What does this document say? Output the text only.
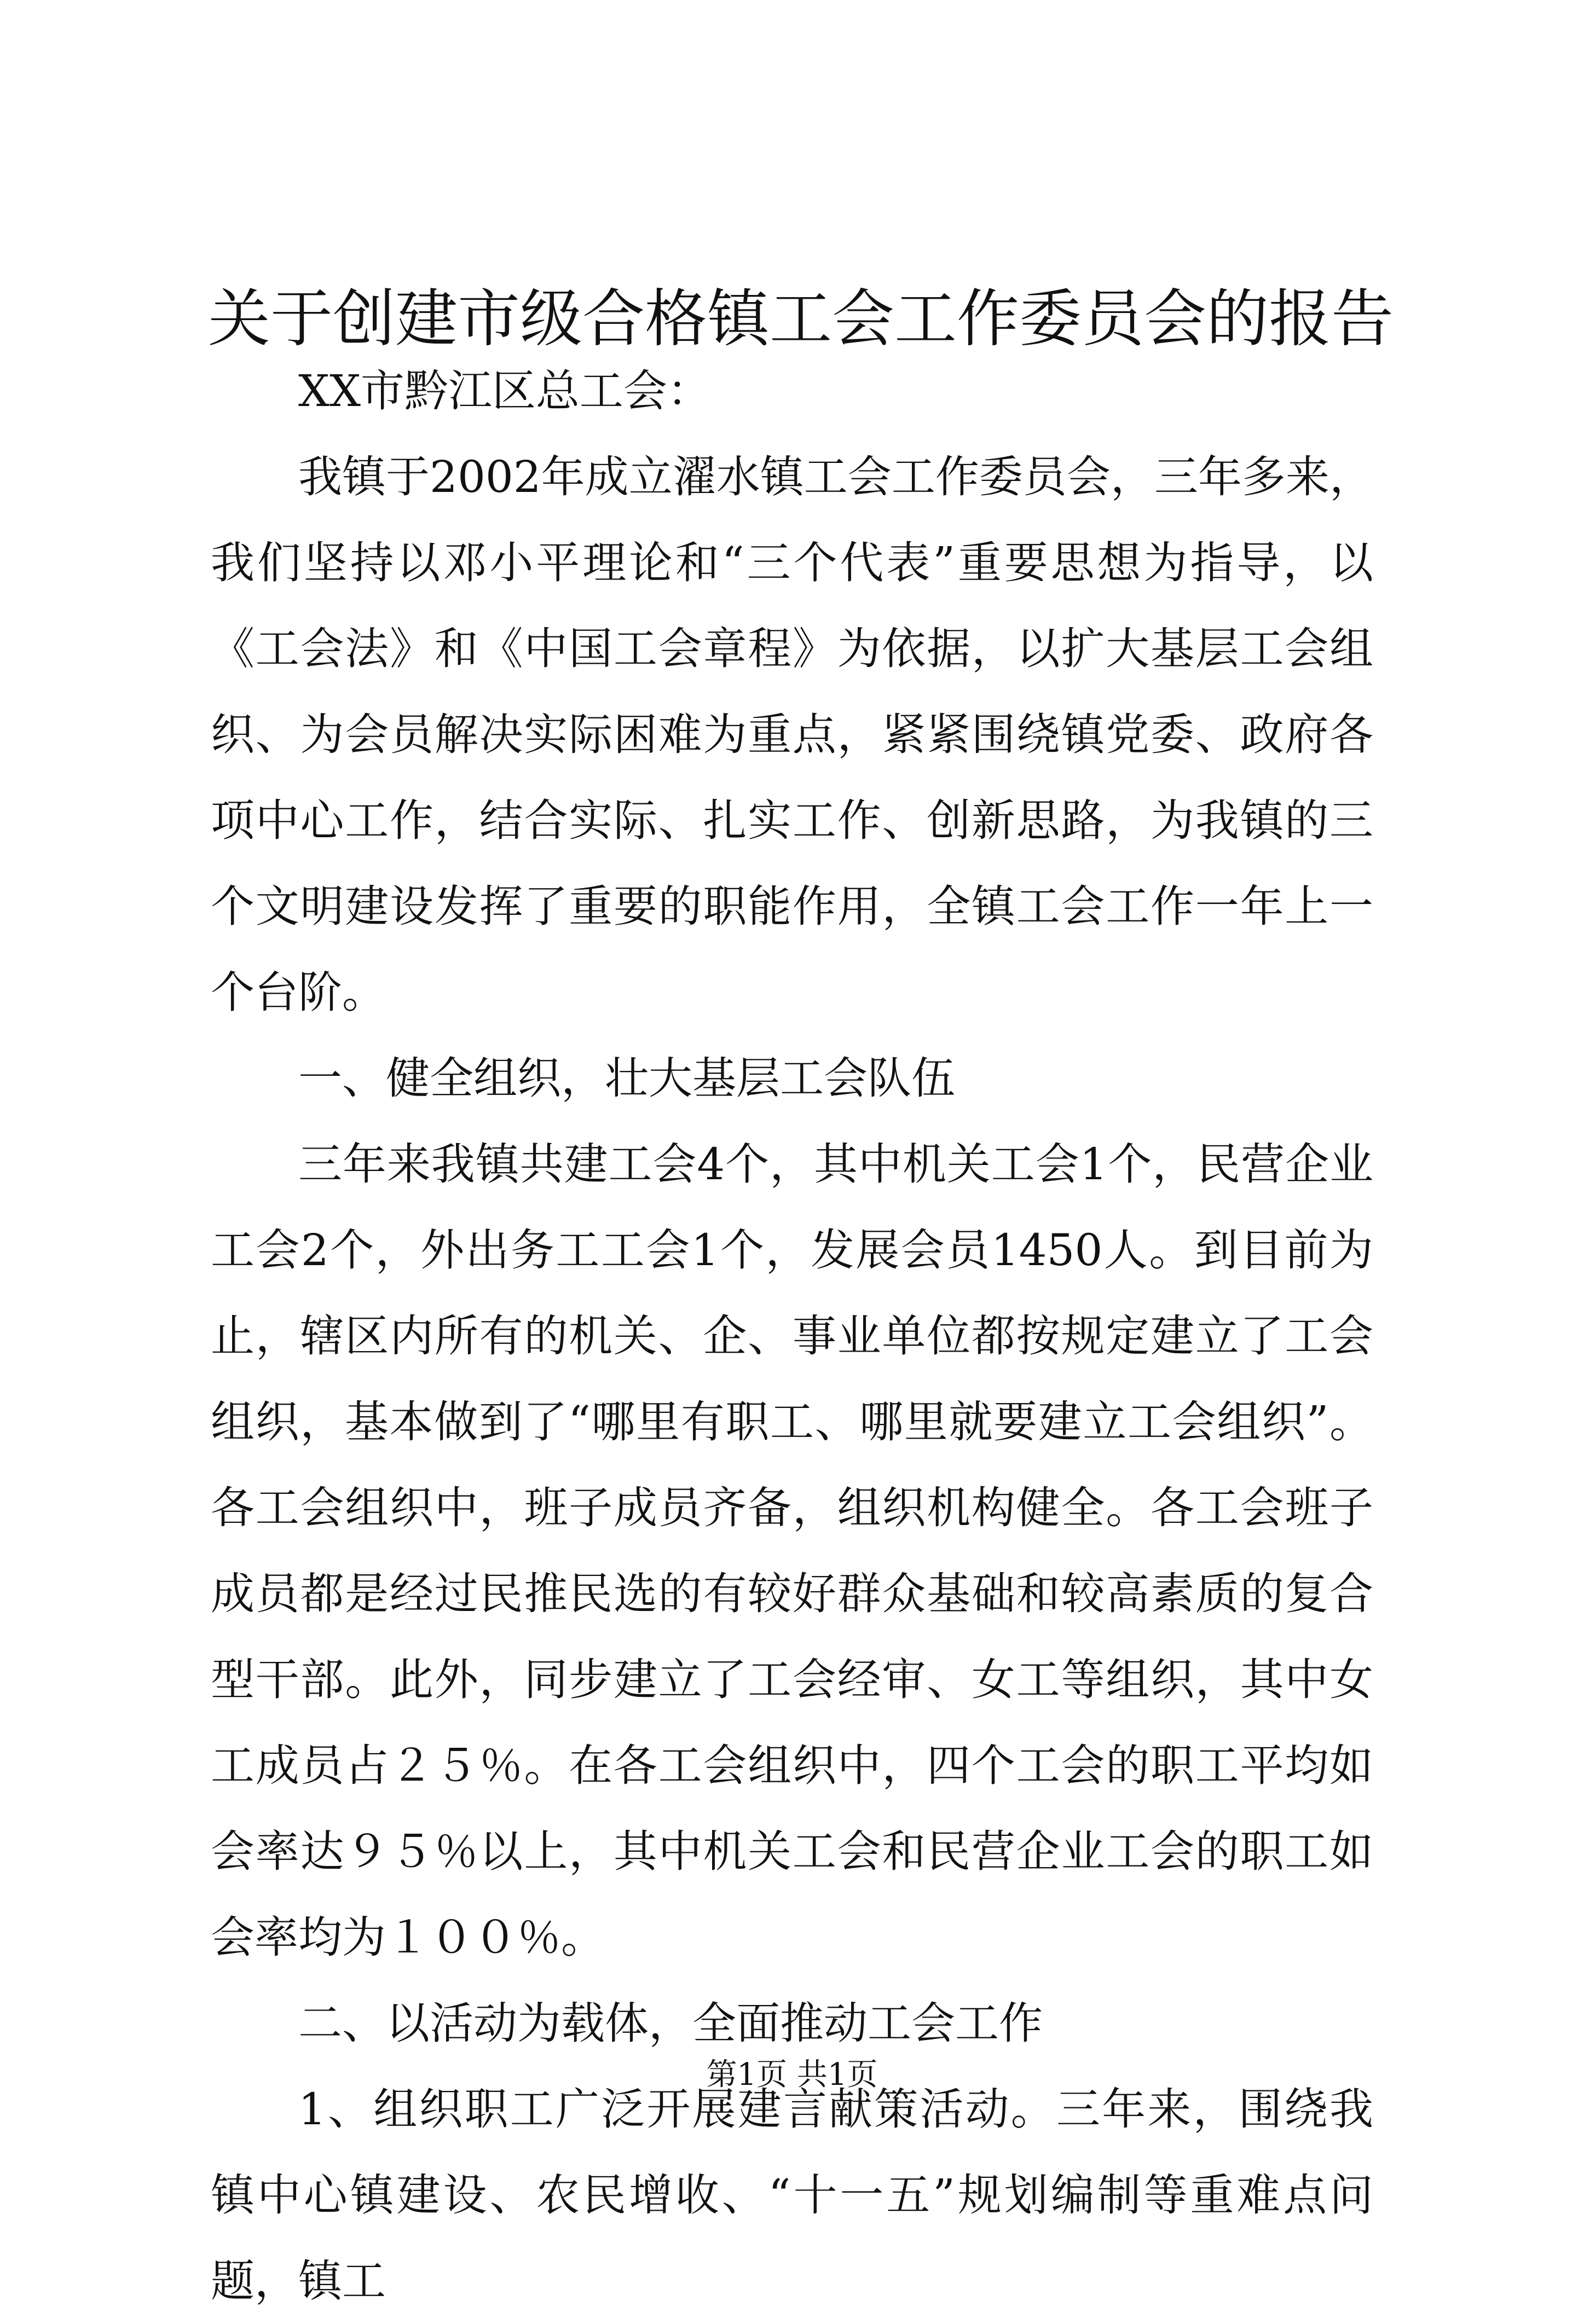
关于创建市级合格镇工会工作委员会的报告

XX市黔江区总工会：

我镇于2002年成立濯水镇工会工作委员会，三年多来，我们坚持以邓小平理论和“三个代表”重要思想为指导，以《工会法》和《中国工会章程》为依据，以扩大基层工会组织、为会员解决实际困难为重点，紧紧围绕镇党委、政府各项中心工作，结合实际、扎实工作、创新思路，为我镇的三个文明建设发挥了重要的职能作用，全镇工会工作一年上一个台阶。

一、健全组织，壮大基层工会队伍

三年来我镇共建工会4个，其中机关工会1个，民营企业工会2个，外出务工工会1个，发展会员1450人。到目前为止，辖区内所有的机关、企、事业单位都按规定建立了工会组织，基本做到了“哪里有职工、哪里就要建立工会组织”。各工会组织中，班子成员齐备，组织机构健全。各工会班子成员都是经过民推民选的有较好群众基础和较高素质的复合型干部。此外，同步建立了工会经审、女工等组织，其中女工成员占２５％。在各工会组织中，四个工会的职工平均如会率达９５％以上，其中机关工会和民营企业工会的职工如会率均为１００％。

二、以活动为载体，全面推动工会工作

1、组织职工广泛开展建言献策活动。三年来，围绕我镇中心镇建设、农民增收、“十一五”规划编制等重难点问题，镇工

第1页 共1页
